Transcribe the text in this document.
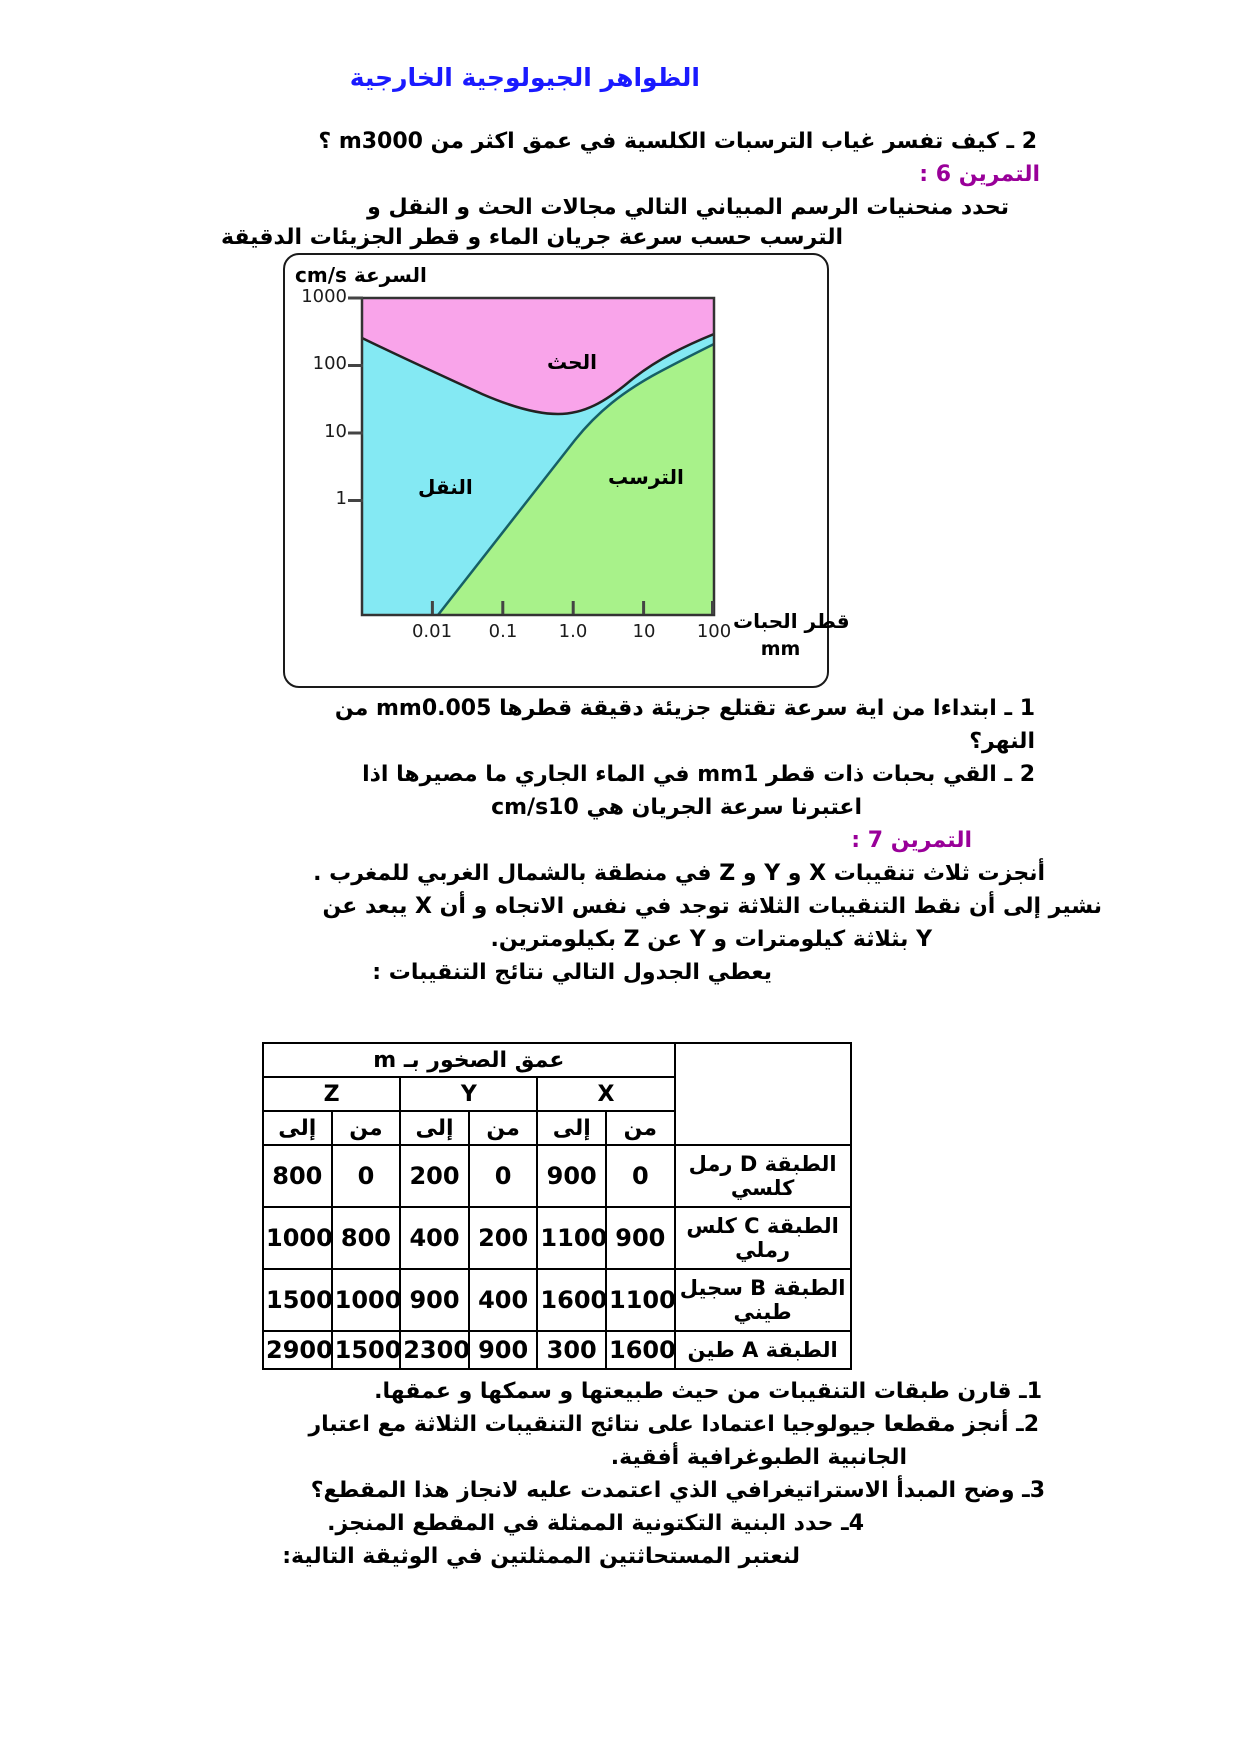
الظواهر الجيولوجية الخارجية
2 ـ كيف تفسر غياب الترسبات الكلسية في عمق اكثر من m3000 ؟
التمرين 6 :
تحدد منحنيات الرسم المبياني التالي مجالات الحث و النقل و
الترسب حسب سرعة جريان الماء و قطر الجزيئات الدقيقة
السرعة cm/s
1000
100
10
1
0.01	0.1	1.0	10	100
الحث
النقل	الترسب
قطر الحبات
mm
1 ـ ابتداءا من اية سرعة تقتلع جزيئة دقيقة قطرها mm0.005 من
النهر؟
2 ـ القي بحبات ذات قطر mm1 في الماء الجاري ما مصيرها اذا
اعتبرنا سرعة الجريان هي cm/s10
التمرين 7 :
أنجزت ثلاث تنقيبات X و Y و Z في منطقة بالشمال الغربي للمغرب .
نشير إلى أن نقط التنقيبات الثلاثة توجد في نفس الاتجاه و أن X يبعد عن
Y بثلاثة كيلومترات و Y عن Z بكيلومترين.
يعطي الجدول التالي نتائج التنقيبات :
	عمق الصخور بـ m					
	X		Y		Z	
	من	إلى	من	إلى	من	إلى
الطبقة D رمل كلسي	0	900	0	200	0	800
الطبقة C كلس رملي	900	1100	200	400	800	1000
الطبقة B سجيل طيني	1100	1600	400	900	1000	1500
الطبقة A طين	1600	300	900	2300	1500	2900
1ـ قارن طبقات التنقيبات من حيث طبيعتها و سمكها و عمقها.
2ـ أنجز مقطعا جيولوجيا اعتمادا على نتائج التنقيبات الثلاثة مع اعتبار
الجانبية الطبوغرافية أفقية.
3ـ وضح المبدأ الاستراتيغرافي الذي اعتمدت عليه لانجاز هذا المقطع؟
4ـ حدد البنية التكتونية الممثلة في المقطع المنجز.
لنعتبر المستحاثتين الممثلتين في الوثيقة التالية:
